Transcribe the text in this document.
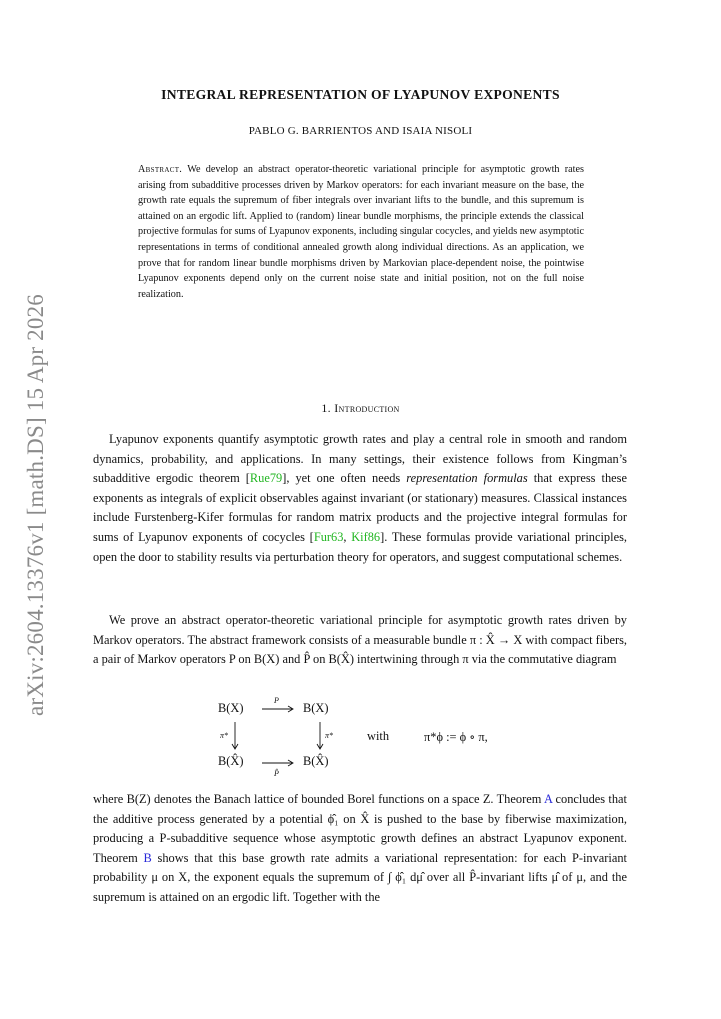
arXiv:2604.13376v1 [math.DS] 15 Apr 2026
INTEGRAL REPRESENTATION OF LYAPUNOV EXPONENTS
PABLO G. BARRIENTOS AND ISAIA NISOLI
Abstract. We develop an abstract operator-theoretic variational principle for asymptotic growth rates arising from subadditive processes driven by Markov operators: for each invariant measure on the base, the growth rate equals the supremum of fiber integrals over invariant lifts to the bundle, and this supremum is attained on an ergodic lift. Applied to (random) linear bundle morphisms, the principle extends the classical projective formulas for sums of Lyapunov exponents, including singular cocycles, and yields new asymptotic representations in terms of conditional annealed growth along individual directions. As an application, we prove that for random linear bundle morphisms driven by Markovian place-dependent noise, the pointwise Lyapunov exponents depend only on the current noise state and initial position, not on the full noise realization.
1. Introduction
Lyapunov exponents quantify asymptotic growth rates and play a central role in smooth and random dynamics, probability, and applications. In many settings, their existence follows from Kingman’s subadditive ergodic theorem [Rue79], yet one often needs representation formulas that express these exponents as integrals of explicit observables against invariant (or stationary) measures. Classical instances include Furstenberg-Kifer formulas for random matrix products and the projective integral formulas for sums of Lyapunov exponents of cocycles [Fur63, Kif86]. These formulas provide variational principles, open the door to stability results via perturbation theory for operators, and suggest computational schemes.
We prove an abstract operator-theoretic variational principle for asymptotic growth rates driven by Markov operators. The abstract framework consists of a measurable bundle π : X̂ → X with compact fibers, a pair of Markov operators P on B(X) and P̂ on B(X̂) intertwining through π via the commutative diagram
B(X)	B(X)
B(X̂)	B(X̂)
P
P̂
π*	π*	with	π*ϕ := ϕ ∘ π,
where B(Z) denotes the Banach lattice of bounded Borel functions on a space Z. Theorem A concludes that the additive process generated by a potential ϕ̂₁ on X̂ is pushed to the base by fiberwise maximization, producing a P-subadditive sequence whose asymptotic growth defines an abstract Lyapunov exponent. Theorem B shows that this base growth rate admits a variational representation: for each P-invariant probability μ on X, the exponent equals the supremum of ∫ ϕ̂₁ dμ̂ over all P̂-invariant lifts μ̂ of μ, and the supremum is attained on an ergodic lift. Together with the
